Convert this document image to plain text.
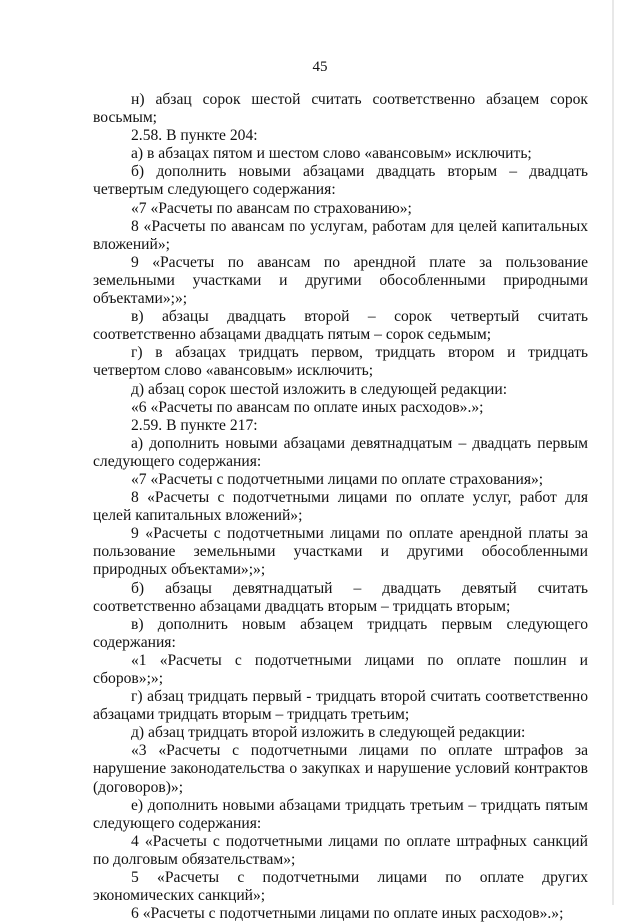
45

н) абзац сорок шестой считать соответственно абзацем сорок восьмым;

2.58. В пункте 204:

а) в абзацах пятом и шестом слово «авансовым» исключить;

б) дополнить новыми абзацами двадцать вторым – двадцать четвертым следующего содержания:

«7 «Расчеты по авансам по страхованию»;

8 «Расчеты по авансам по услугам, работам для целей капитальных вложений»;

9 «Расчеты по авансам по арендной плате за пользование земельными участками и другими обособленными природными объектами»;»;

в) абзацы двадцать второй – сорок четвертый считать соответственно абзацами двадцать пятым – сорок седьмым;

г) в абзацах тридцать первом, тридцать втором и тридцать четвертом слово «авансовым» исключить;

д) абзац сорок шестой изложить в следующей редакции:

«6 «Расчеты по авансам по оплате иных расходов».»;

2.59. В пункте 217:

а) дополнить новыми абзацами девятнадцатым – двадцать первым следующего содержания:

«7 «Расчеты с подотчетными лицами по оплате страхования»;

8 «Расчеты с подотчетными лицами по оплате услуг, работ для целей капитальных вложений»;

9 «Расчеты с подотчетными лицами по оплате арендной платы за пользование земельными участками и другими обособленными природных объектами»;»;

б) абзацы девятнадцатый – двадцать девятый считать соответственно абзацами двадцать вторым – тридцать вторым;

в) дополнить новым абзацем тридцать первым следующего содержания:

«1 «Расчеты с подотчетными лицами по оплате пошлин и сборов»;»;

г) абзац тридцать первый - тридцать второй считать соответственно абзацами тридцать вторым – тридцать третьим;

д) абзац тридцать второй изложить в следующей редакции:

«3 «Расчеты с подотчетными лицами по оплате штрафов за нарушение законодательства о закупках и нарушение условий контрактов (договоров)»;

е) дополнить новыми абзацами тридцать третьим – тридцать пятым следующего содержания:

4 «Расчеты с подотчетными лицами по оплате штрафных санкций по долговым обязательствам»;

5 «Расчеты с подотчетными лицами по оплате других экономических санкций»;

6 «Расчеты с подотчетными лицами по оплате иных расходов».»;
